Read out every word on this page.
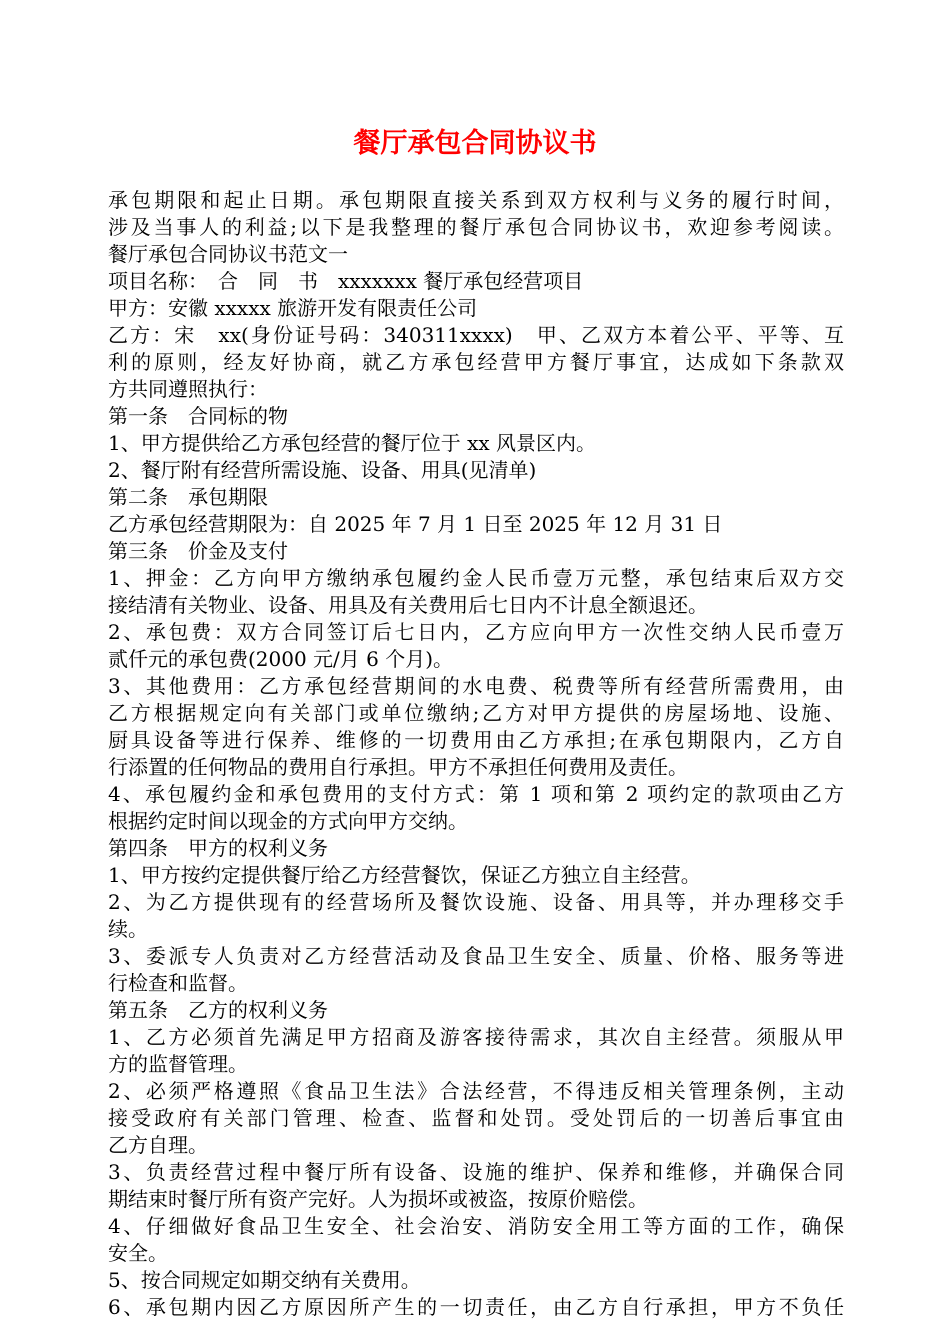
餐厅承包合同协议书
承包期限和起止日期。承包期限直接关系到双方权利与义务的履行时间，
涉及当事人的利益;以下是我整理的餐厅承包合同协议书，欢迎参考阅读。
餐厅承包合同协议书范文一
项目名称：　合　同　书　xxxxxxx 餐厅承包经营项目
甲方：安徽 xxxxx 旅游开发有限责任公司
乙方：宋　xx(身份证号码：340311xxxx)　甲、乙双方本着公平、平等、互
利的原则，经友好协商，就乙方承包经营甲方餐厅事宜，达成如下条款双
方共同遵照执行：
第一条　合同标的物
1、甲方提供给乙方承包经营的餐厅位于 xx 风景区内。
2、餐厅附有经营所需设施、设备、用具(见清单)
第二条　承包期限
乙方承包经营期限为：自 2025 年 7 月 1 日至 2025 年 12 月 31 日
第三条　价金及支付
1、押金：乙方向甲方缴纳承包履约金人民币壹万元整，承包结束后双方交
接结清有关物业、设备、用具及有关费用后七日内不计息全额退还。
2、承包费：双方合同签订后七日内，乙方应向甲方一次性交纳人民币壹万
贰仟元的承包费(2000 元/月 6 个月)。
3、其他费用：乙方承包经营期间的水电费、税费等所有经营所需费用，由
乙方根据规定向有关部门或单位缴纳;乙方对甲方提供的房屋场地、设施、
厨具设备等进行保养、维修的一切费用由乙方承担;在承包期限内，乙方自
行添置的任何物品的费用自行承担。甲方不承担任何费用及责任。
4、承包履约金和承包费用的支付方式：第 1 项和第 2 项约定的款项由乙方
根据约定时间以现金的方式向甲方交纳。
第四条　甲方的权利义务
1、甲方按约定提供餐厅给乙方经营餐饮，保证乙方独立自主经营。
2、为乙方提供现有的经营场所及餐饮设施、设备、用具等，并办理移交手
续。
3、委派专人负责对乙方经营活动及食品卫生安全、质量、价格、服务等进
行检查和监督。
第五条　乙方的权利义务
1、乙方必须首先满足甲方招商及游客接待需求，其次自主经营。须服从甲
方的监督管理。
2、必须严格遵照《食品卫生法》合法经营，不得违反相关管理条例，主动
接受政府有关部门管理、检查、监督和处罚。受处罚后的一切善后事宜由
乙方自理。
3、负责经营过程中餐厅所有设备、设施的维护、保养和维修，并确保合同
期结束时餐厅所有资产完好。人为损坏或被盗，按原价赔偿。
4、仔细做好食品卫生安全、社会治安、消防安全用工等方面的工作，确保
安全。
5、按合同规定如期交纳有关费用。
6、承包期内因乙方原因所产生的一切责任，由乙方自行承担，甲方不负任
